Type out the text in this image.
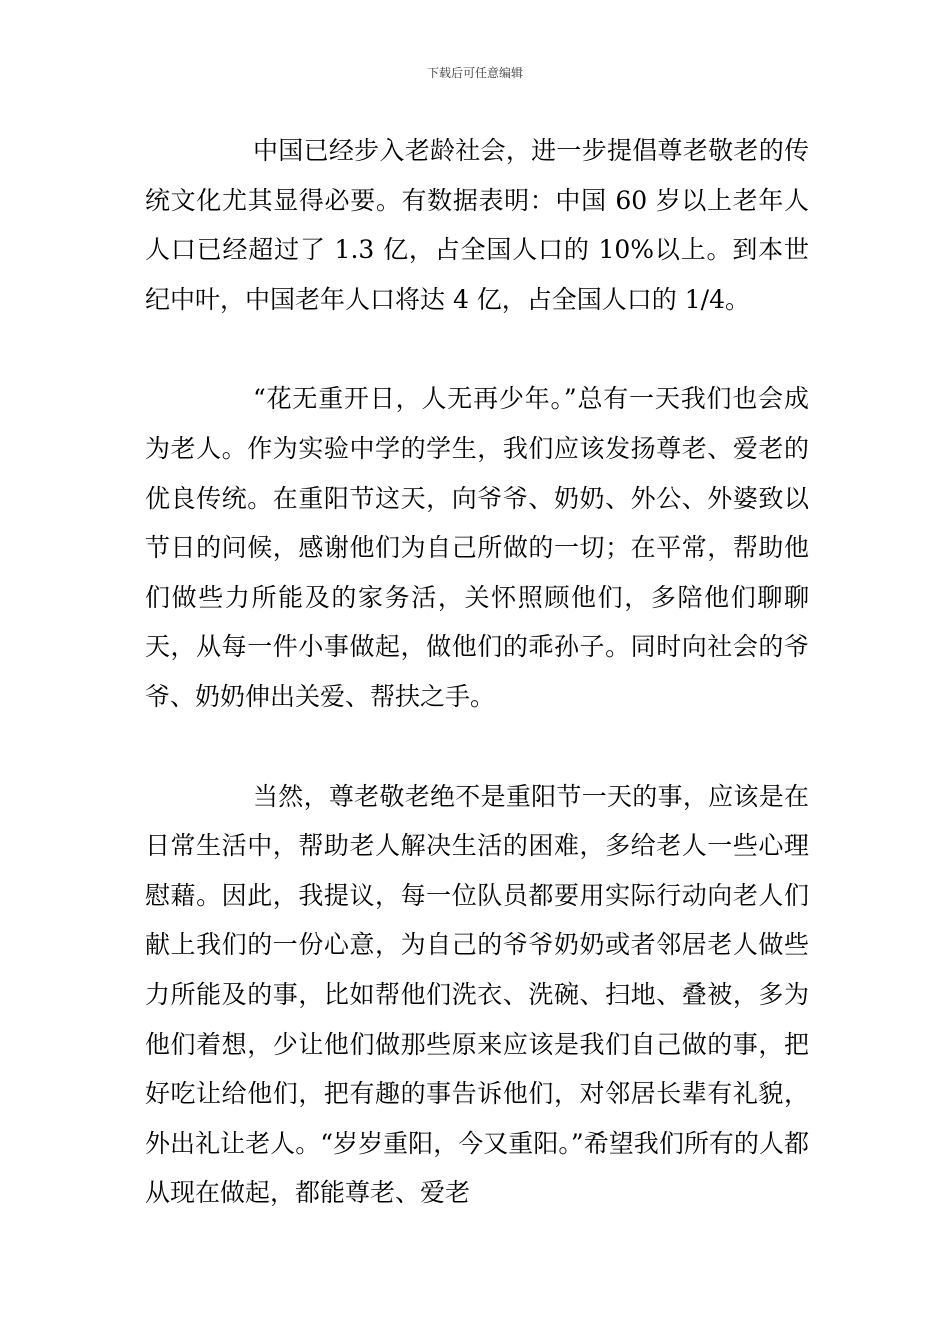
下载后可任意编辑

中国已经步入老龄社会，进一步提倡尊老敬老的传统文化尤其显得必要。有数据表明：中国 60 岁以上老年人人口已经超过了 1.3 亿，占全国人口的 10%以上。到本世纪中叶，中国老年人口将达 4 亿，占全国人口的 1/4。

“花无重开日，人无再少年。”总有一天我们也会成为老人。作为实验中学的学生，我们应该发扬尊老、爱老的优良传统。在重阳节这天，向爷爷、奶奶、外公、外婆致以节日的问候，感谢他们为自己所做的一切；在平常，帮助他们做些力所能及的家务活，关怀照顾他们，多陪他们聊聊天，从每一件小事做起，做他们的乖孙子。同时向社会的爷爷、奶奶伸出关爱、帮扶之手。

当然，尊老敬老绝不是重阳节一天的事，应该是在日常生活中，帮助老人解决生活的困难，多给老人一些心理慰藉。因此，我提议，每一位队员都要用实际行动向老人们献上我们的一份心意，为自己的爷爷奶奶或者邻居老人做些力所能及的事，比如帮他们洗衣、洗碗、扫地、叠被，多为他们着想，少让他们做那些原来应该是我们自己做的事，把好吃让给他们，把有趣的事告诉他们，对邻居长辈有礼貌，外出礼让老人。“岁岁重阳，今又重阳。”希望我们所有的人都从现在做起，都能尊老、爱老
